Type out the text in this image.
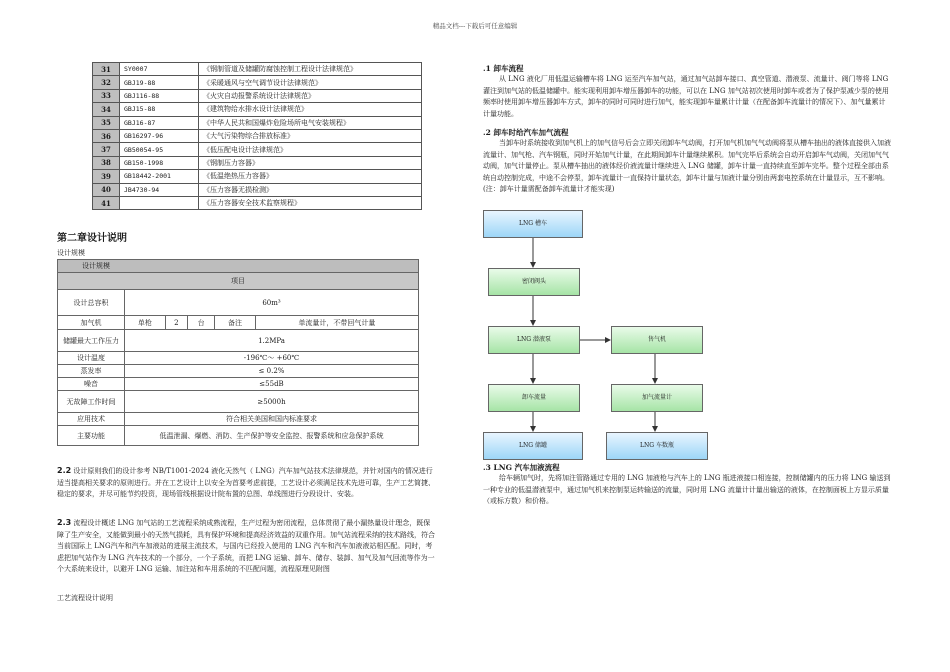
精品文档---下载后可任意编辑
31	SY0007	《钢制管道及储罐防腐蚀控制工程设计法律规范》
32	GBJ19-88	《采暖通风与空气调节设计法律规范》
33	GBJ116-88	《火灾自动报警系统设计法律规范》
34	GBJ15-88	《建筑物给水排水设计法律规范》
35	GBJ16-87	《中华人民共和国爆炸危险场所电气安装规程》
36	GB16297-96	《大气污染物综合排放标准》
37	GB50054-95	《低压配电设计法律规范》
38	GB150-1998	《钢制压力容器》
39	GB18442-2001	《低温绝热压力容器》
40	JB4730-94	《压力容器无损检测》
41		《压力容器安全技术监察规程》
第二章设计说明
设计规模
设计规模					
项目					
设计总容积	60m³				
加气机	单枪	2	台	备注	单流量计，不带回气计量
储罐最大工作压力	1.2MPa				
设计温度	-196℃～ +60℃				
蒸发率	≤ 0.2%				
噪音	≤55dB				
无故障工作时间	≥5000h				
应用技术	符合相关美国和国内标准要求				
主要功能	低温泄漏、爆燃、消防、生产保护等安全监控、报警系统和应急保护系统				
2.2 设计原则我们的设计参考 NB/T1001-2024 液化天然气（ LNG）汽车加气站技术法律规范，并针对国内的情况进行适当提高相关要求的原则进行。并在工艺设计上以安全为首要考虑前提，工艺设计必须满足技术先进可靠，生产工艺简捷、稳定的要求，并尽可能节约投资，现场管线根据设计院布置的总图、单线图进行分段设计、安装。
2.3 流程设计概述 LNG 加气站的工艺流程采纳成熟流程，生产过程为密闭流程，总体贯彻了最小漏热量设计理念，既保障了生产安全，又能做到最小的天然气损耗，具有保护环境和提高经济效益的双重作用。加气站流程采纳的技术路线，符合当前国际上 LNG汽车和汽车加液站的进展主流技术，与国内已经投入使用的 LNG 汽车和汽车加液液站相匹配。同时，考虑把加气站作为 LNG 汽车技术的一个部分，一个子系统，而把 LNG 运输、卸车、储存、装卸、加气及加气回流等作为一个大系统来设计，以避开 LNG 运输、加注站和车用系统的不匹配问题，流程原理见附图
工艺流程设计说明
.1 卸车流程
从 LNG 液化厂用低温运输槽车将 LNG 运至汽车加气站，通过加气站卸车接口、真空管道、潜液泵、流量计、阀门等将 LNG 灌注到加气站的低温储罐中。能实现利用卸车增压器卸车的功能，可以在 LNG 加气站初次使用时卸车或者为了保护泵减少泵的使用频率时使用卸车增压器卸车方式，卸车的同时可同时进行加气，能实现卸车量累计计量（在配备卸车流量计的情况下）、加气量累计计量功能。
.2 卸车时给汽车加气流程
当卸车时系统接收到加气机上的加气信号后会立即关闭卸车气动阀，打开加气机加气气动阀将泵从槽车抽出的液体直接供入加液流量计、加气枪、汽车钢瓶，同时开始加气计量，在此期间卸车计量继续累积。加气完毕后系统会自动开启卸车气动阀，关闭加气气动阀，加气计量停止。泵从槽车抽出的液体经价液流量计继续进入 LNG 储罐，卸车计量一直持续直至卸车完毕。整个过程全部由系统自动控制完成，中途不会停泵，卸车流量计一直保持计量状态，卸车计量与加液计量分别由两套电控系统在计量显示，互不影响。(注：卸车计量需配备卸车流量计才能实现)
LNG 槽车
密闭阀头
LNG 潜液泵	售气机
卸车流量	加气流量计
LNG 储罐	LNG 车数瓶
.3 LNG 汽车加液流程
给车辆加气时，先将加注管路通过专用的 LNG 加液枪与汽车上的 LNG 瓶进液接口相连接，控制储罐内的压力将 LNG 输送到一种专业的低温潜液泵中，通过加气机来控制泵运转输送的流量，同时用 LNG 流量计计量出输送的液体，在控制面板上方显示质量（或标方数）和价格。
